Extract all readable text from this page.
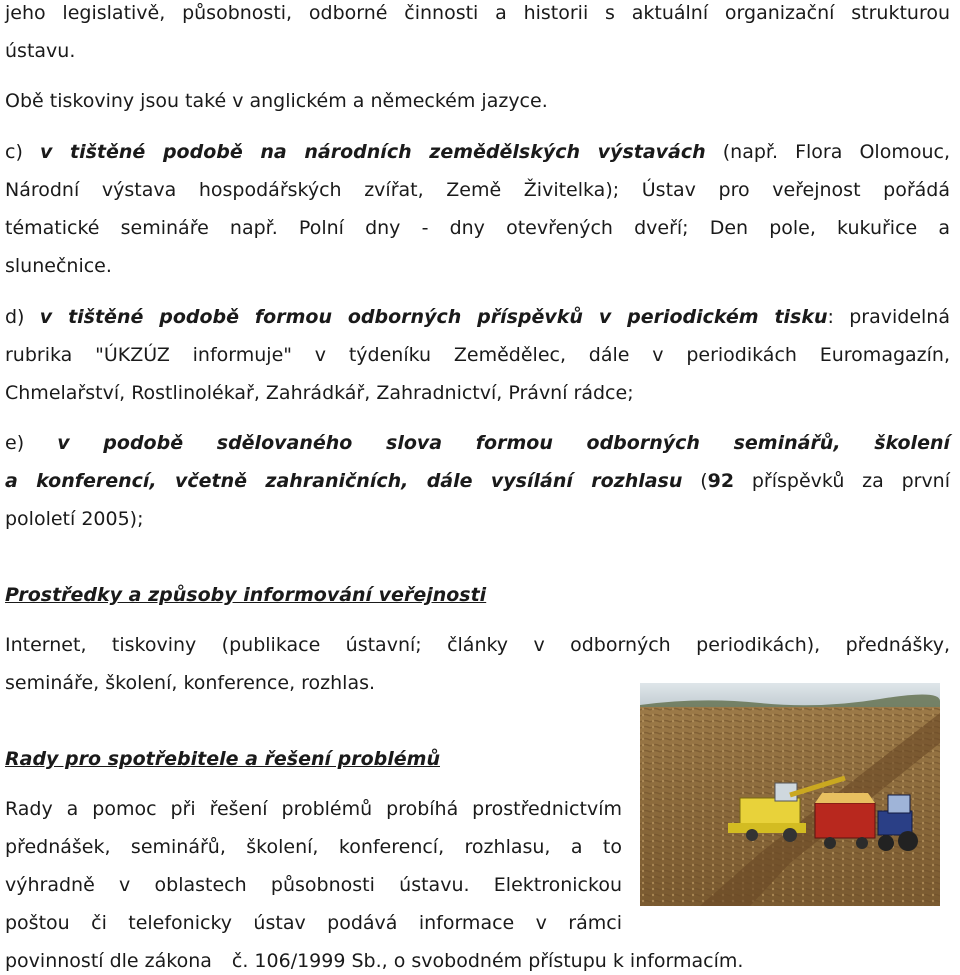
jeho legislativě, působnosti, odborné činnosti a historii s aktuální organizační strukturou
ústavu.
Obě tiskoviny jsou také v anglickém a německém jazyce.
c) v tištěné podobě na národních zemědělských výstavách (např. Flora Olomouc,
Národní výstava hospodářských zvířat, Země Živitelka); Ústav pro veřejnost pořádá
tématické semináře např. Polní dny - dny otevřených dveří; Den pole, kukuřice a
slunečnice.
d) v tištěné podobě formou odborných příspěvků v periodickém tisku: pravidelná
rubrika "ÚKZÚZ informuje" v týdeníku Zemědělec, dále v periodikách Euromagazín,
Chmelařství, Rostlinolékař, Zahrádkář, Zahradnictví, Právní rádce;
e) v podobě sdělovaného slova formou odborných seminářů, školení
a konferencí, včetně zahraničních, dále vysílání rozhlasu (92 příspěvků za první
pololetí 2005);
Prostředky a způsoby informování veřejnosti
Internet, tiskoviny (publikace ústavní; články v odborných periodikách), přednášky,
semináře, školení, konference, rozhlas.
Rady pro spotřebitele a řešení problémů
Rady a pomoc při řešení problémů probíhá prostřednictvím
přednášek, seminářů, školení, konferencí, rozhlasu, a to
výhradně v oblastech působnosti ústavu. Elektronickou
poštou či telefonicky ústav podává informace v rámci
povinností dle zákona č. 106/1999 Sb., o svobodném přístupu k informacím.
